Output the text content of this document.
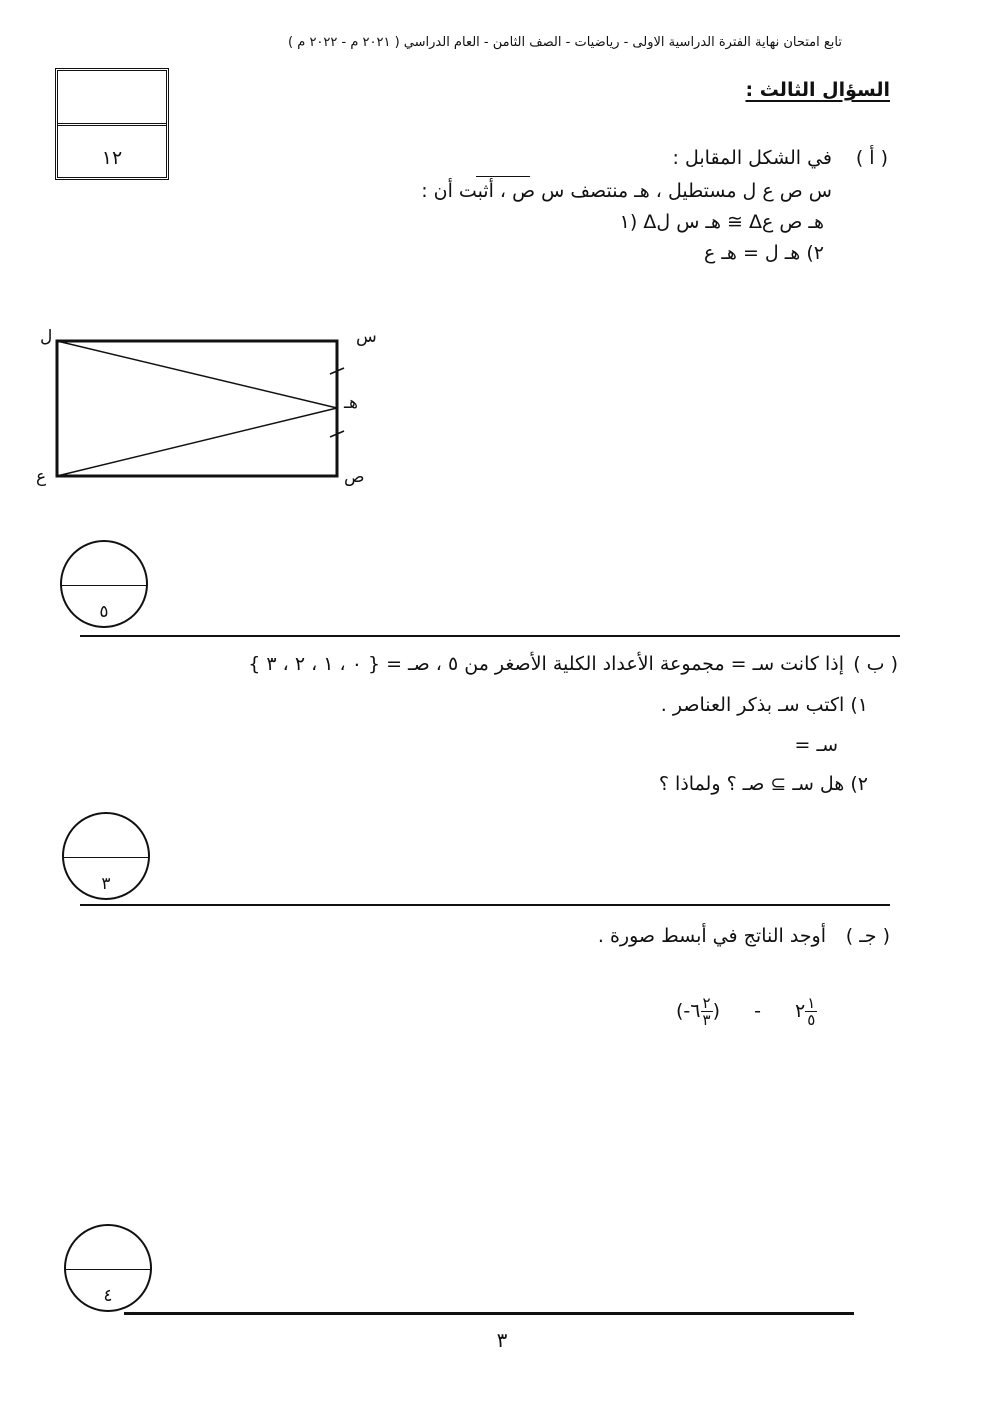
تابع امتحان نهاية الفترة الدراسية الاولى - رياضيات - الصف الثامن - العام الدراسي ( ٢٠٢١ م - ٢٠٢٢ م )
السؤال الثالث :
١٢	( أ )
في الشكل المقابل :
س ص ع ل مستطيل ، هـ منتصف س ص ، أثبت أن :
١) Δهـ س ل ≅ Δهـ ص ع
٢) هـ ل = هـ ع
س
ل
هـ
ص
ع
٥
( ب )
إذا كانت سـ = مجموعة الأعداد الكلية الأصغر من ٥ ، صـ = { ٠ ، ١ ، ٢ ، ٣ }
١) اكتب سـ بذكر العناصر .
سـ =
٢) هل سـ ⊇ صـ ؟ ولماذا ؟
٣
( جـ )
أوجد الناتج في أبسط صورة .
(-٦ $\frac{٢}{٣}$ ) - ٢ $\frac{١}{٥}$
٤
٣
